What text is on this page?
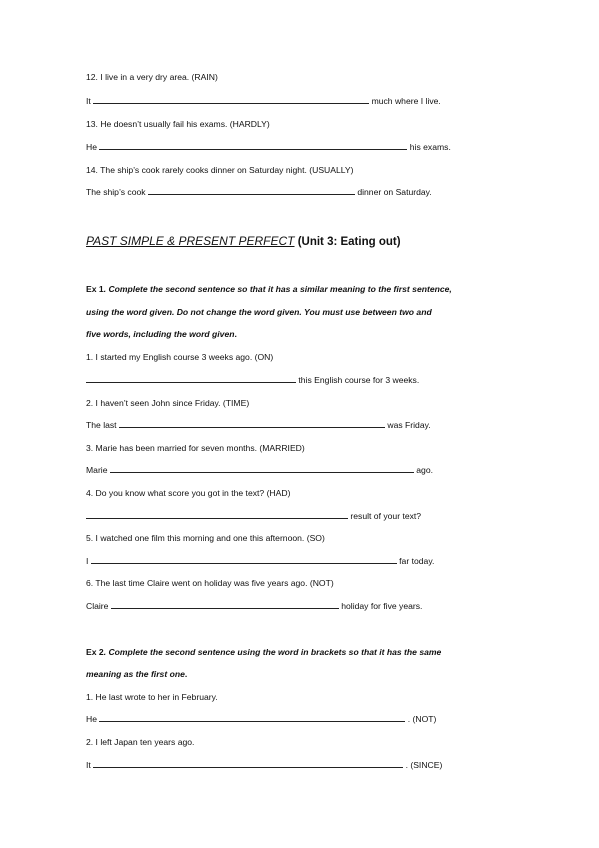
12. I live in a very dry area. (RAIN)
It	much where I live.
13. He doesn’t usually fail his exams. (HARDLY)
He	his exams.
14. The ship’s cook rarely cooks dinner on Saturday night. (USUALLY)
The ship’s cook	dinner on Saturday.
PAST SIMPLE & PRESENT PERFECT (Unit 3: Eating out)
Ex 1. Complete the second sentence so that it has a similar meaning to the first sentence,
using the word given. Do not change the word given. You must use between two and
five words, including the word given.
1. I started my English course 3 weeks ago. (ON)
this English course for 3 weeks.
2. I haven’t seen John since Friday. (TIME)
The last	was Friday.
3. Marie has been married for seven months. (MARRIED)
Marie	ago.
4. Do you know what score you got in the text? (HAD)
result of your text?
5. I watched one film this morning and one this afternoon. (SO)
I	far today.
6. The last time Claire went on holiday was five years ago. (NOT)
Claire	holiday for five years.
Ex 2. Complete the second sentence using the word in brackets so that it has the same
meaning as the first one.
1. He last wrote to her in February.
He	. (NOT)
2. I left Japan ten years ago.
It	. (SINCE)
